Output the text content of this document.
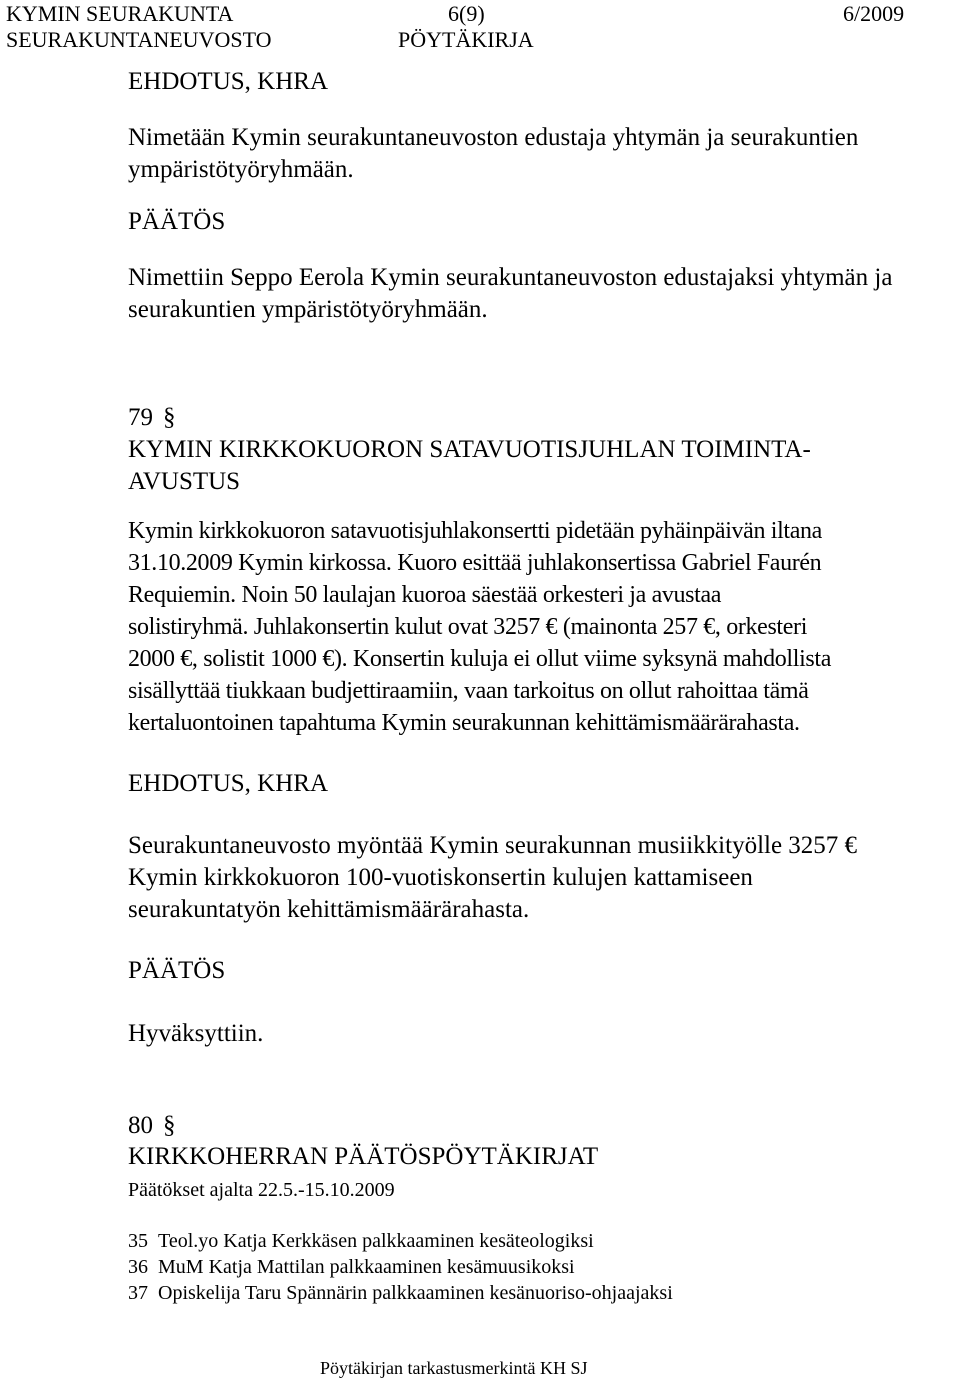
KYMIN SEURAKUNTA	6(9)	6/2009
SEURAKUNTANEUVOSTO	PÖYTÄKIRJA
EHDOTUS, KHRA
Nimetään Kymin seurakuntaneuvoston edustaja yhtymän ja seurakuntien
ympäristötyöryhmään.
PÄÄTÖS
Nimettiin Seppo Eerola Kymin seurakuntaneuvoston edustajaksi yhtymän ja
seurakuntien ympäristötyöryhmään.
79 §
KYMIN KIRKKOKUORON SATAVUOTISJUHLAN TOIMINTA-
AVUSTUS
Kymin kirkkokuoron satavuotisjuhlakonsertti pidetään pyhäinpäivän iltana
31.10.2009 Kymin kirkossa. Kuoro esittää juhlakonsertissa Gabriel Faurén
Requiemin. Noin 50 laulajan kuoroa säestää orkesteri ja avustaa
solistiryhmä. Juhlakonsertin kulut ovat 3257 € (mainonta 257 €, orkesteri
2000 €, solistit 1000 €). Konsertin kuluja ei ollut viime syksynä mahdollista
sisällyttää tiukkaan budjettiraamiin, vaan tarkoitus on ollut rahoittaa tämä
kertaluontoinen tapahtuma Kymin seurakunnan kehittämismäärärahasta.
EHDOTUS, KHRA
Seurakuntaneuvosto myöntää Kymin seurakunnan musiikkityölle 3257 €
Kymin kirkkokuoron 100-vuotiskonsertin kulujen kattamiseen
seurakuntatyön kehittämismäärärahasta.
PÄÄTÖS
Hyväksyttiin.
80 §
KIRKKOHERRAN PÄÄTÖSPÖYTÄKIRJAT
Päätökset ajalta 22.5.-15.10.2009
35 Teol.yo Katja Kerkkäsen palkkaaminen kesäteologiksi
36 MuM Katja Mattilan palkkaaminen kesämuusikoksi
37 Opiskelija Taru Spännärin palkkaaminen kesänuoriso-ohjaajaksi
Pöytäkirjan tarkastusmerkintä KH SJ
